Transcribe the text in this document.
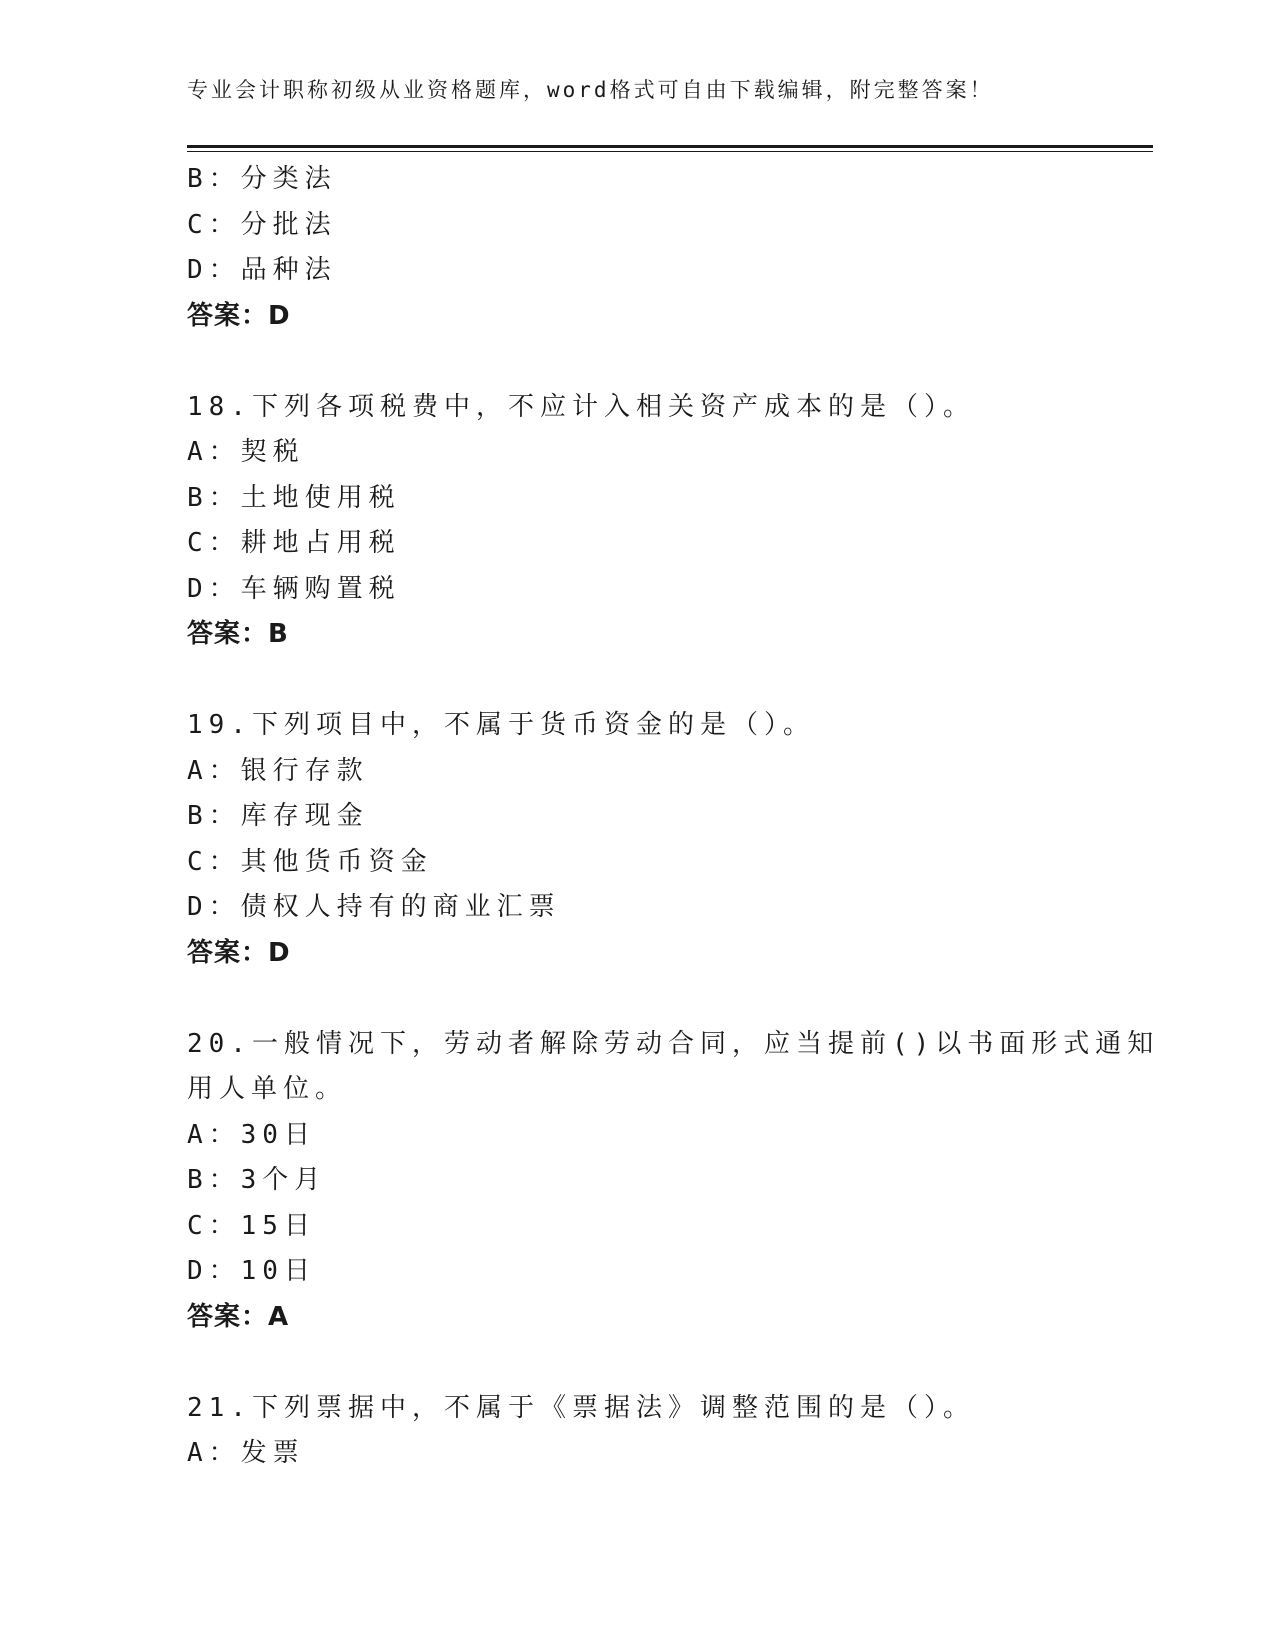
专业会计职称初级从业资格题库，word格式可自由下载编辑，附完整答案！
B：分类法
C：分批法
D：品种法
答案：D
18.下列各项税费中，不应计入相关资产成本的是（）。
A：契税
B：土地使用税
C：耕地占用税
D：车辆购置税
答案：B
19.下列项目中，不属于货币资金的是（）。
A：银行存款
B：库存现金
C：其他货币资金
D：债权人持有的商业汇票
答案：D
20.一般情况下，劳动者解除劳动合同，应当提前()以书面形式通知
用人单位。
A：30日
B：3个月
C：15日
D：10日
答案：A
21.下列票据中，不属于《票据法》调整范围的是（）。
A：发票
